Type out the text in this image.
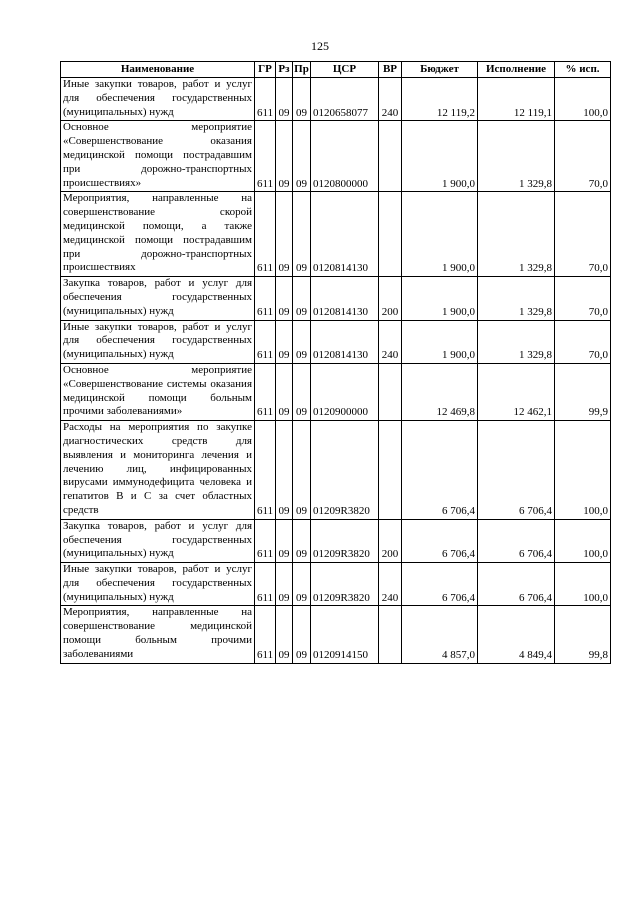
125
Наименование	ГР	Рз	Пр	ЦСР	ВР	Бюджет	Исполнение	% исп.
Иные закупки товаров, работ и услуг для обеспечения государственных (муниципальных) нужд	611	09	09	0120658077	240	12 119,2	12 119,1	100,0
Основное мероприятие «Совершенствование оказания медицинской помощи пострадавшим при дорожно-транспортных происшествиях»	611	09	09	0120800000		1 900,0	1 329,8	70,0
Мероприятия, направленные на совершенствование скорой медицинской помощи, а также медицинской помощи пострадавшим при дорожно-транспортных происшествиях	611	09	09	0120814130		1 900,0	1 329,8	70,0
Закупка товаров, работ и услуг для обеспечения государственных (муниципальных) нужд	611	09	09	0120814130	200	1 900,0	1 329,8	70,0
Иные закупки товаров, работ и услуг для обеспечения государственных (муниципальных) нужд	611	09	09	0120814130	240	1 900,0	1 329,8	70,0
Основное мероприятие «Совершенствование системы оказания медицинской помощи больным прочими заболеваниями»	611	09	09	0120900000		12 469,8	12 462,1	99,9
Расходы на мероприятия по закупке диагностических средств для выявления и мониторинга лечения и лечению лиц, инфицированных вирусами иммунодефицита человека и гепатитов В и С за счет областных средств	611	09	09	01209R3820		6 706,4	6 706,4	100,0
Закупка товаров, работ и услуг для обеспечения государственных (муниципальных) нужд	611	09	09	01209R3820	200	6 706,4	6 706,4	100,0
Иные закупки товаров, работ и услуг для обеспечения государственных (муниципальных) нужд	611	09	09	01209R3820	240	6 706,4	6 706,4	100,0
Мероприятия, направленные на совершенствование медицинской помощи больным прочими заболеваниями	611	09	09	0120914150		4 857,0	4 849,4	99,8
